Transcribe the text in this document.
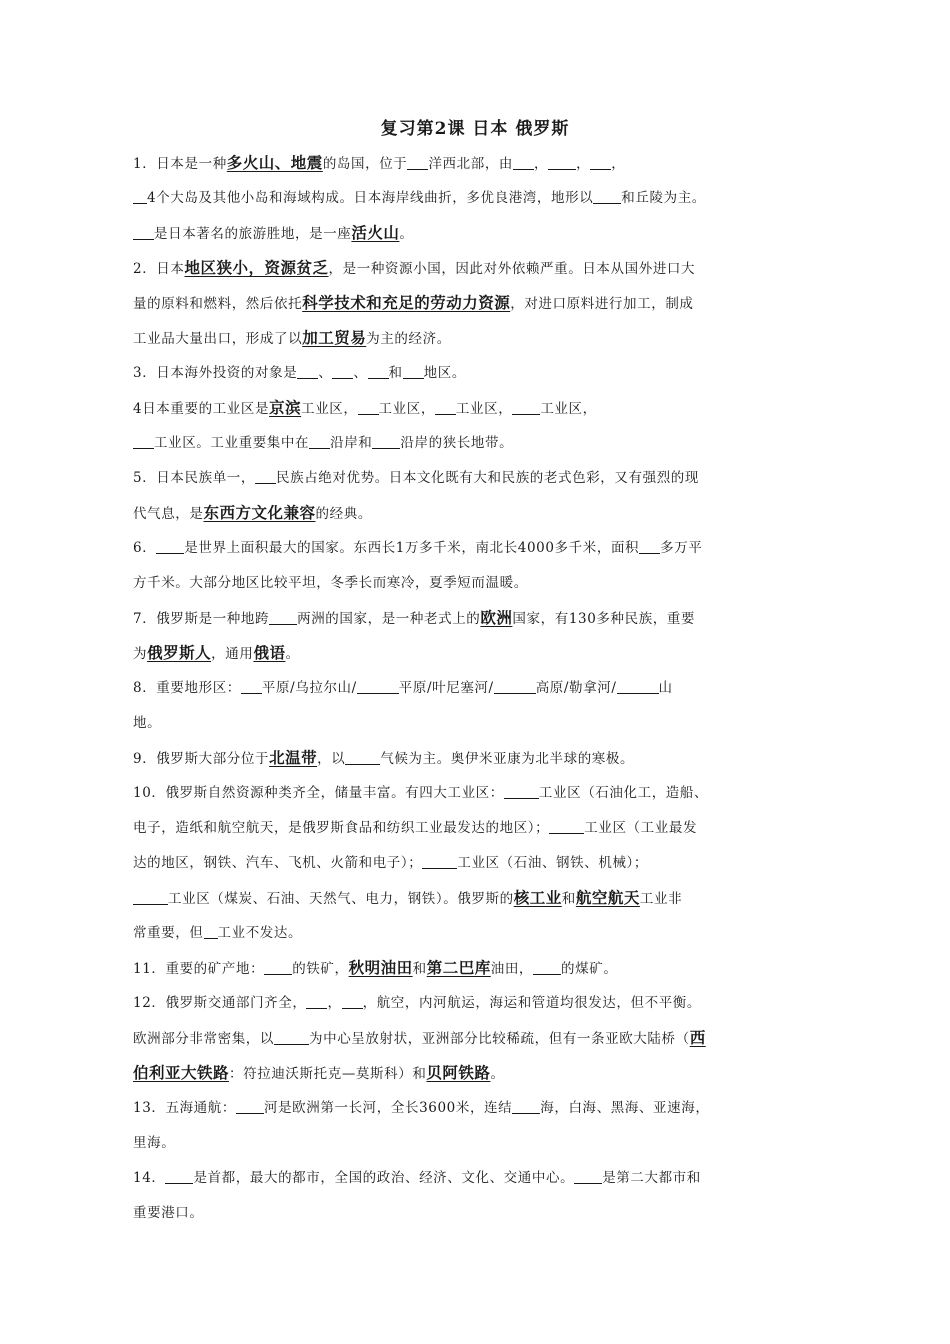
复习第2课 日本 俄罗斯
1．日本是一种多火山、地震的岛国，位于 洋西北部，由 ， ， ，
4个大岛及其他小岛和海域构成。日本海岸线曲折，多优良港湾，地形以 和丘陵为主。
是日本著名的旅游胜地，是一座活火山。
2．日本地区狭小，资源贫乏，是一种资源小国，因此对外依赖严重。日本从国外进口大
量的原料和燃料，然后依托科学技术和充足的劳动力资源，对进口原料进行加工，制成
工业品大量出口，形成了以加工贸易为主的经济。
3．日本海外投资的对象是 、 、 和 地区。
4日本重要的工业区是京滨工业区， 工业区， 工业区， 工业区，
工业区。工业重要集中在 沿岸和 沿岸的狭长地带。
5．日本民族单一， 民族占绝对优势。日本文化既有大和民族的老式色彩，又有强烈的现
代气息，是东西方文化兼容的经典。
6． 是世界上面积最大的国家。东西长1万多千米，南北长4000多千米，面积 多万平
方千米。大部分地区比较平坦，冬季长而寒冷，夏季短而温暖。
7．俄罗斯是一种地跨 两洲的国家，是一种老式上的欧洲国家，有130多种民族，重要
为俄罗斯人，通用俄语。
8．重要地形区： 平原/乌拉尔山/	平原/叶尼塞河/	高原/勒拿河/	山
地。
9．俄罗斯大部分位于北温带，以	气候为主。奥伊米亚康为北半球的寒极。
10．俄罗斯自然资源种类齐全，储量丰富。有四大工业区：	工业区（石油化工，造船、
电子，造纸和航空航天，是俄罗斯食品和纺织工业最发达的地区）；	工业区（工业最发
达的地区，钢铁、汽车、飞机、火箭和电子）；	工业区（石油、钢铁、机械）；
工业区（煤炭、石油、天然气、电力，钢铁）。俄罗斯的核工业和航空航天工业非
常重要，但 工业不发达。
11．重要的矿产地： 的铁矿，秋明油田和第二巴库油田， 的煤矿。
12．俄罗斯交通部门齐全， ， ，航空，内河航运，海运和管道均很发达，但不平衡。
欧洲部分非常密集，以	为中心呈放射状，亚洲部分比较稀疏，但有一条亚欧大陆桥（西
伯利亚大铁路：符拉迪沃斯托克—莫斯科）和贝阿铁路。
13．五海通航： 河是欧洲第一长河，全长3600米，连结 海，白海、黑海、亚速海，
里海。
14． 是首都，最大的都市，全国的政治、经济、文化、交通中心。 是第二大都市和
重要港口。
